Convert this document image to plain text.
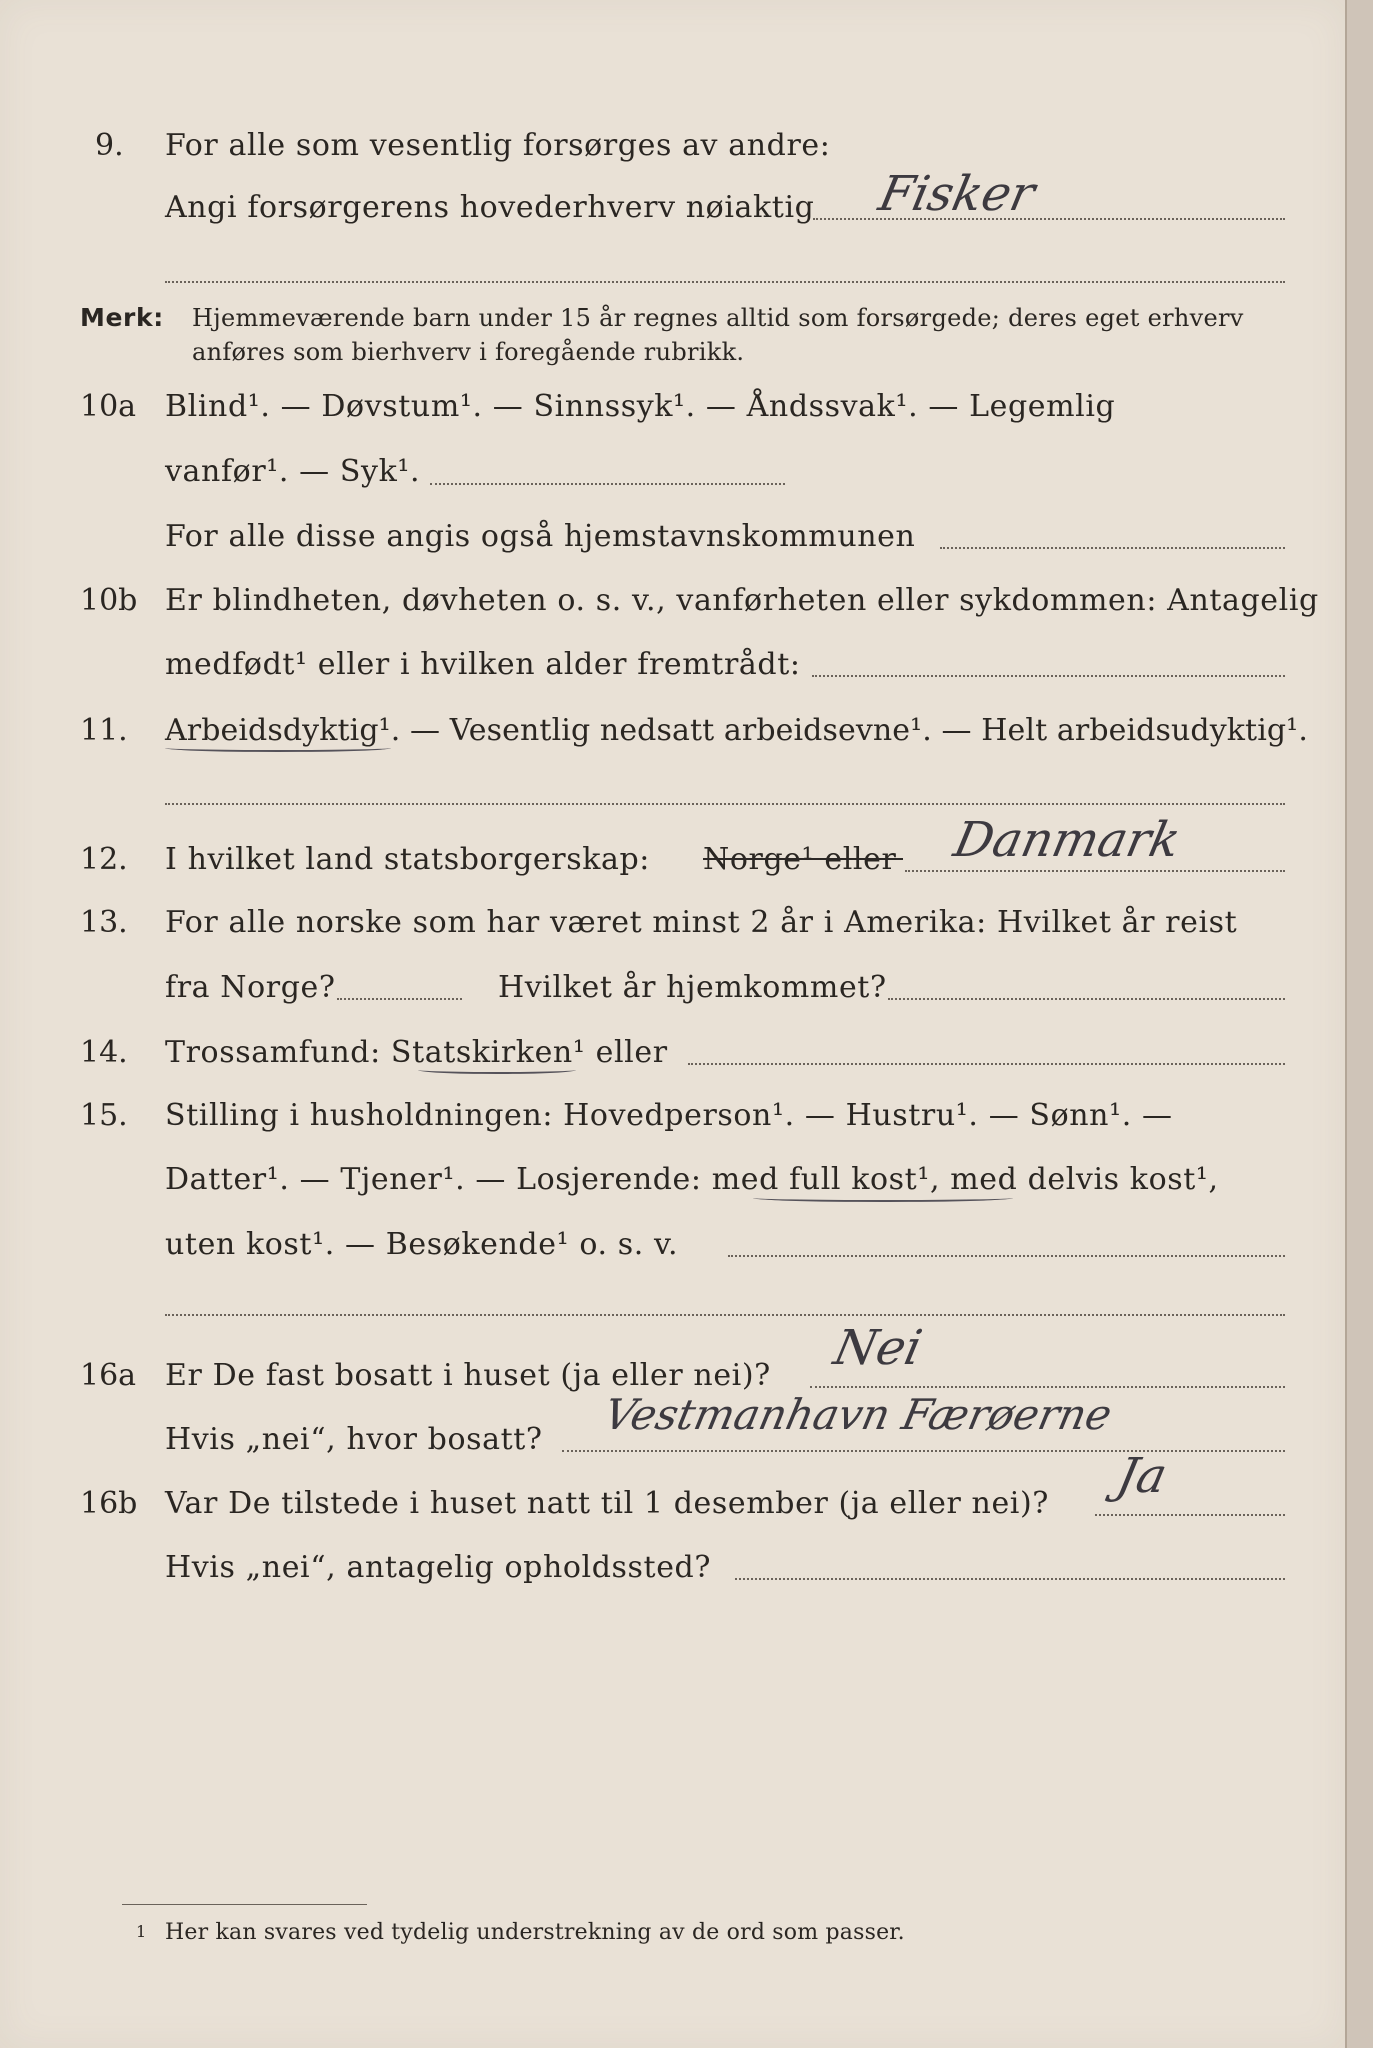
9. For alle som vesentlig forsørges av andre:
Angi forsørgerens hovederhverv nøiaktig Fisker
Merk: Hjemmeværende barn under 15 år regnes alltid som forsørgede; deres eget erhverv
anføres som bierhverv i foregående rubrikk.
10a Blind¹. — Døvstum¹. — Sinnssyk¹. — Åndssvak¹. — Legemlig
vanfør¹. — Syk¹.
For alle disse angis også hjemstavnskommunen
10b Er blindheten, døvheten o. s. v., vanførheten eller sykdommen: Antagelig
medfødt¹ eller i hvilken alder fremtrådt:
11. Arbeidsdyktig¹. — Vesentlig nedsatt arbeidsevne¹. — Helt arbeidsudyktig¹.
12. I hvilket land statsborgerskap: Norge¹ eller Danmark
13. For alle norske som har været minst 2 år i Amerika: Hvilket år reist
fra Norge?	Hvilket år hjemkommet?
14. Trossamfund: Statskirken¹ eller
15. Stilling i husholdningen: Hovedperson¹. — Hustru¹. — Sønn¹. —
Datter¹. — Tjener¹. — Losjerende: med full kost¹, med delvis kost¹,
uten kost¹. — Besøkende¹ o. s. v.
16a Er De fast bosatt i huset (ja eller nei)? Nei
Hvis „nei“, hvor bosatt?
Vestmanhavn Færøerne
16b Var De tilstede i huset natt til 1 desember (ja eller nei)? Ja
Hvis „nei“, antagelig opholdssted?
1 Her kan svares ved tydelig understrekning av de ord som passer.
